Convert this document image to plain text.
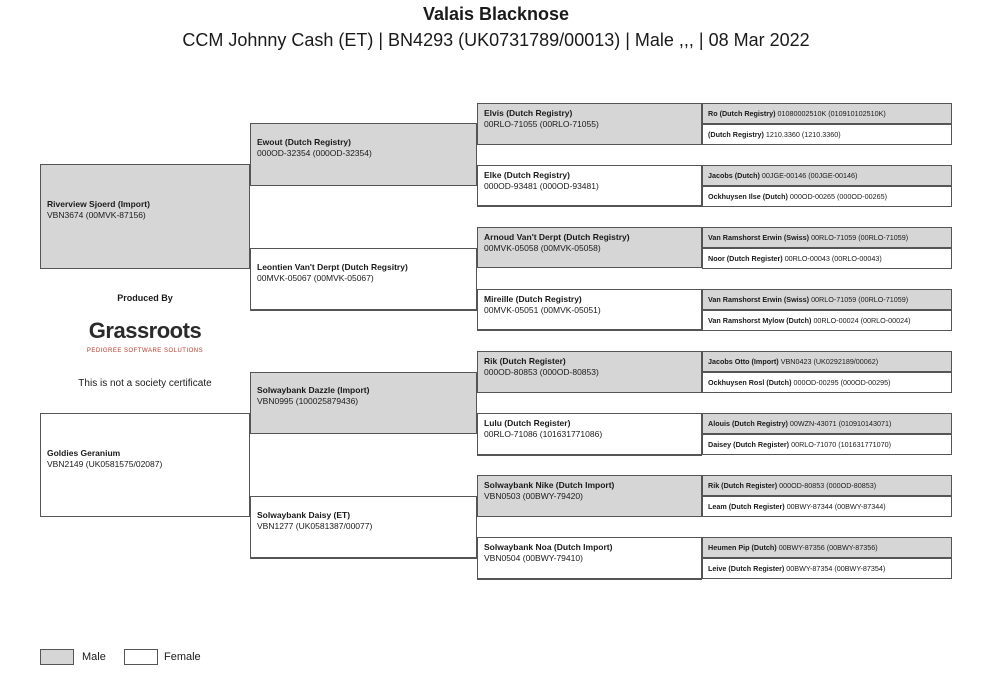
Valais Blacknose
CCM Johnny Cash (ET) | BN4293 (UK0731789/00013) | Male ,,, | 08 Mar 2022
Riverview Sjoerd (Import)
VBN3674 (00MVK-87156)
Goldies Geranium
VBN2149 (UK0581575/02087)
Ewout (Dutch Registry)
000OD-32354 (000OD-32354)
Leontien Van't Derpt (Dutch Regsitry)
00MVK-05067 (00MVK-05067)
Solwaybank Dazzle (Import)
VBN0995 (100025879436)
Solwaybank Daisy (ET)
VBN1277 (UK0581387/00077)
Elvis (Dutch Registry)
00RLO-71055 (00RLO-71055)
Elke (Dutch Registry)
000OD-93481 (000OD-93481)
Arnoud Van't Derpt (Dutch Registry)
00MVK-05058 (00MVK-05058)
Mireille (Dutch Registry)
00MVK-05051 (00MVK-05051)
Rik (Dutch Register)
000OD-80853 (000OD-80853)
Lulu (Dutch Register)
00RLO-71086 (101631771086)
Solwaybank Nike (Dutch Import)
VBN0503 (00BWY-79420)
Solwaybank Noa (Dutch Import)
VBN0504 (00BWY-79410)
Ro (Dutch Registry) 01080002510K (010910102510K)
(Dutch Registry) 1210.3360 (1210.3360)
Jacobs (Dutch) 00JGE-00146 (00JGE-00146)
Ockhuysen Ilse (Dutch) 000OD-00265 (000OD-00265)
Van Ramshorst Erwin (Swiss) 00RLO-71059 (00RLO-71059)
Noor (Dutch Register) 00RLO-00043 (00RLO-00043)
Van Ramshorst Erwin (Swiss) 00RLO-71059 (00RLO-71059)
Van Ramshorst Mylow (Dutch) 00RLO-00024 (00RLO-00024)
Jacobs Otto (Import) VBN0423 (UK0292189/00062)
Ockhuysen Rosl (Dutch) 000OD-00295 (000OD-00295)
Alouis (Dutch Registry) 00WZN-43071 (010910143071)
Daisey (Dutch Register) 00RLO-71070 (101631771070)
Rik (Dutch Register) 000OD-80853 (000OD-80853)
Leam (Dutch Register) 00BWY-87344 (00BWY-87344)
Heumen Pip (Dutch) 00BWY-87356 (00BWY-87356)
Leive (Dutch Register) 00BWY-87354 (00BWY-87354)
Produced By
Grassroots
PEDIGREE SOFTWARE SOLUTIONS
This is not a society certificate
Male	Female
